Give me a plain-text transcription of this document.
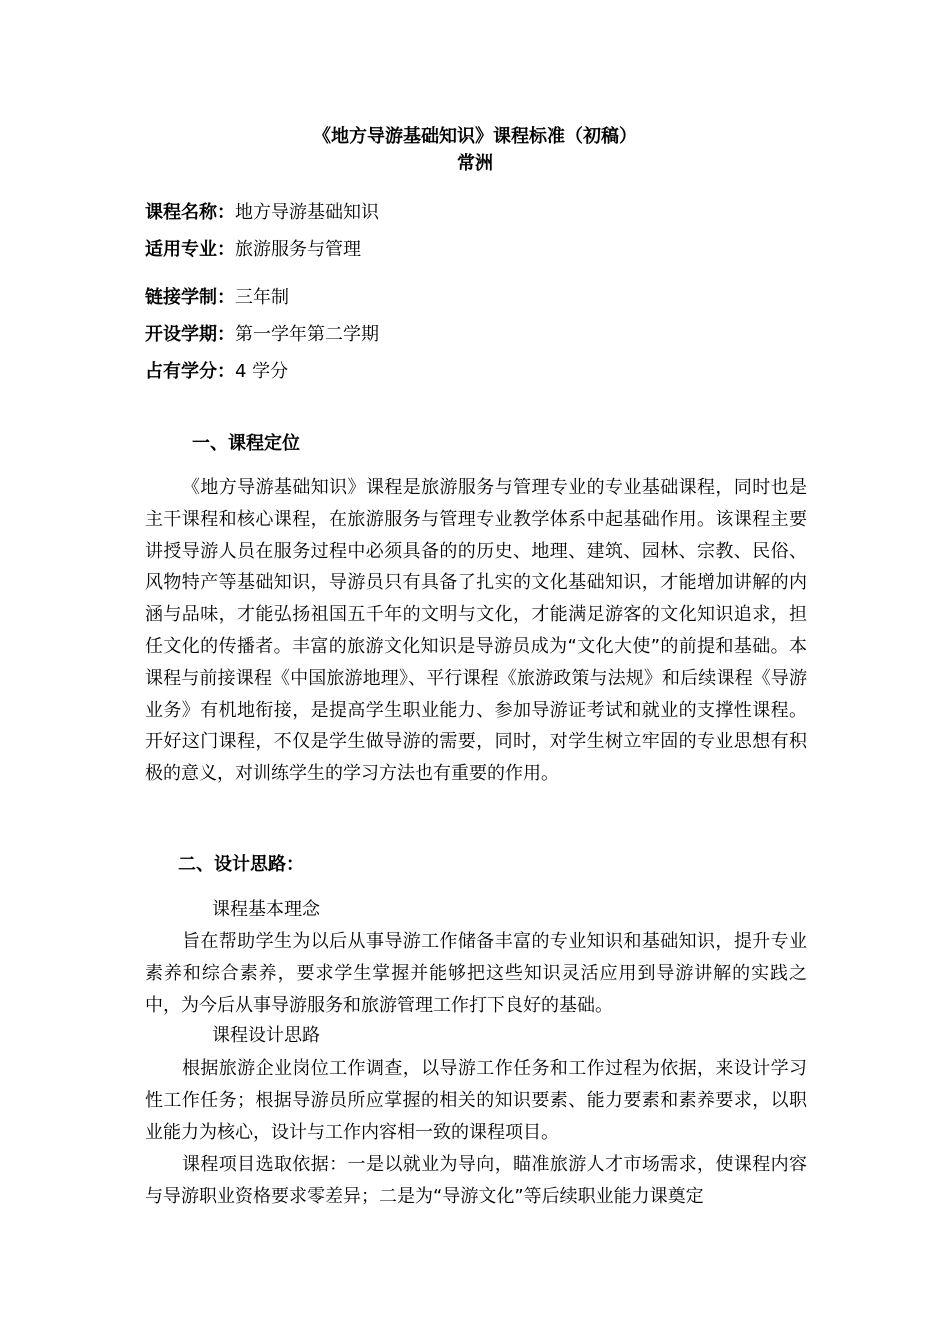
《地方导游基础知识》课程标准（初稿）
常洲
课程名称：地方导游基础知识
适用专业：旅游服务与管理
链接学制：三年制
开设学期：第一学年第二学期
占有学分：4 学分
一、课程定位

《地方导游基础知识》课程是旅游服务与管理专业的专业基础课程，同时也是主干课程和核心课程，在旅游服务与管理专业教学体系中起基础作用。该课程主要讲授导游人员在服务过程中必须具备的的历史、地理、建筑、园林、宗教、民俗、风物特产等基础知识，导游员只有具备了扎实的文化基础知识，才能增加讲解的内涵与品味，才能弘扬祖国五千年的文明与文化，才能满足游客的文化知识追求，担任文化的传播者。丰富的旅游文化知识是导游员成为“文化大使”的前提和基础。本课程与前接课程《中国旅游地理》、平行课程《旅游政策与法规》和后续课程《导游业务》有机地衔接，是提高学生职业能力、参加导游证考试和就业的支撑性课程。开好这门课程，不仅是学生做导游的需要，同时，对学生树立牢固的专业思想有积极的意义，对训练学生的学习方法也有重要的作用。

二、设计思路：
课程基本理念

旨在帮助学生为以后从事导游工作储备丰富的专业知识和基础知识，提升专业素养和综合素养，要求学生掌握并能够把这些知识灵活应用到导游讲解的实践之中，为今后从事导游服务和旅游管理工作打下良好的基础。

课程设计思路

根据旅游企业岗位工作调查，以导游工作任务和工作过程为依据，来设计学习性工作任务；根据导游员所应掌握的相关的知识要素、能力要素和素养要求，以职业能力为核心，设计与工作内容相一致的课程项目。

课程项目选取依据：一是以就业为导向，瞄准旅游人才市场需求，使课程内容与导游职业资格要求零差异；二是为“导游文化”等后续职业能力课奠定
